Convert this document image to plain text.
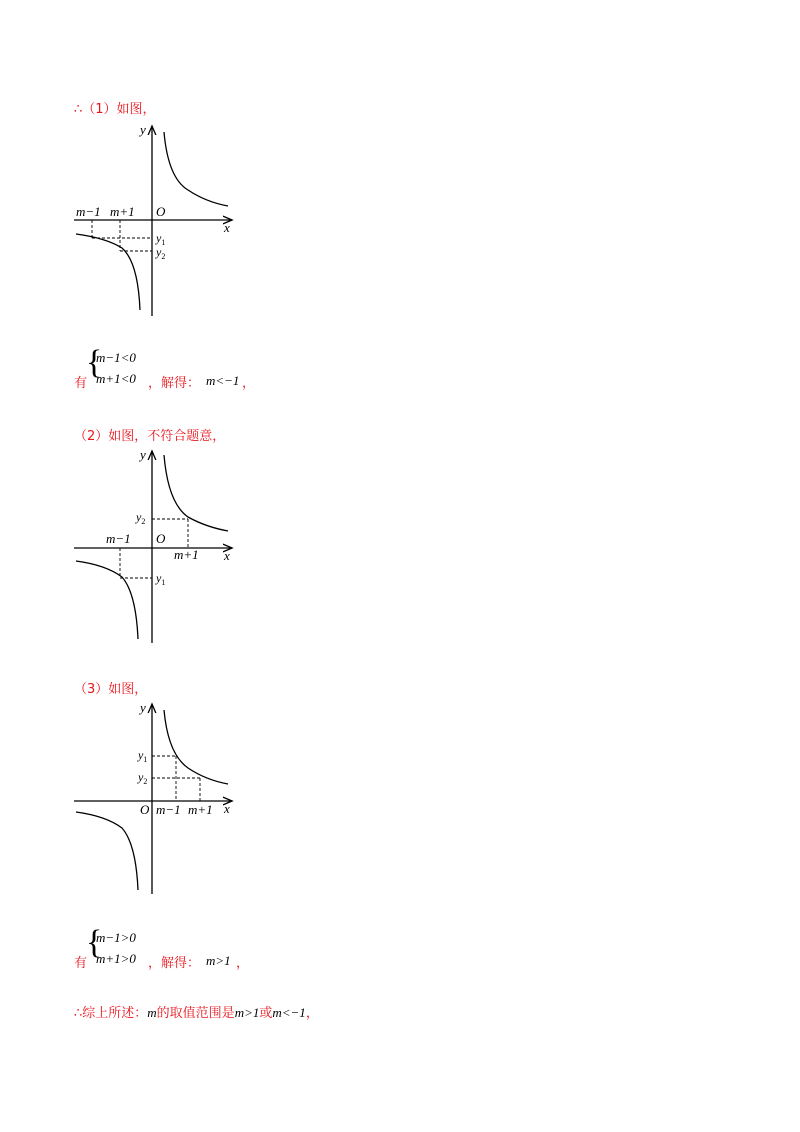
∴（1）如图，
y
x
O
m−1 m+1
$y_1$
$y_2$
有
{
m−1<0
m+1<0 ，解得： m<−1 ，
（2）如图，不符合题意，
y
x
O
m−1
m+1
$y_1$
$y_2$
（3）如图，
y
x
O m−1 m+1
$y_1$
$y_2$
有
{
m−1>0
m+1>0 ，解得： m>1 ，
∴综上所述：m的取值范围是m>1或m<−1，
